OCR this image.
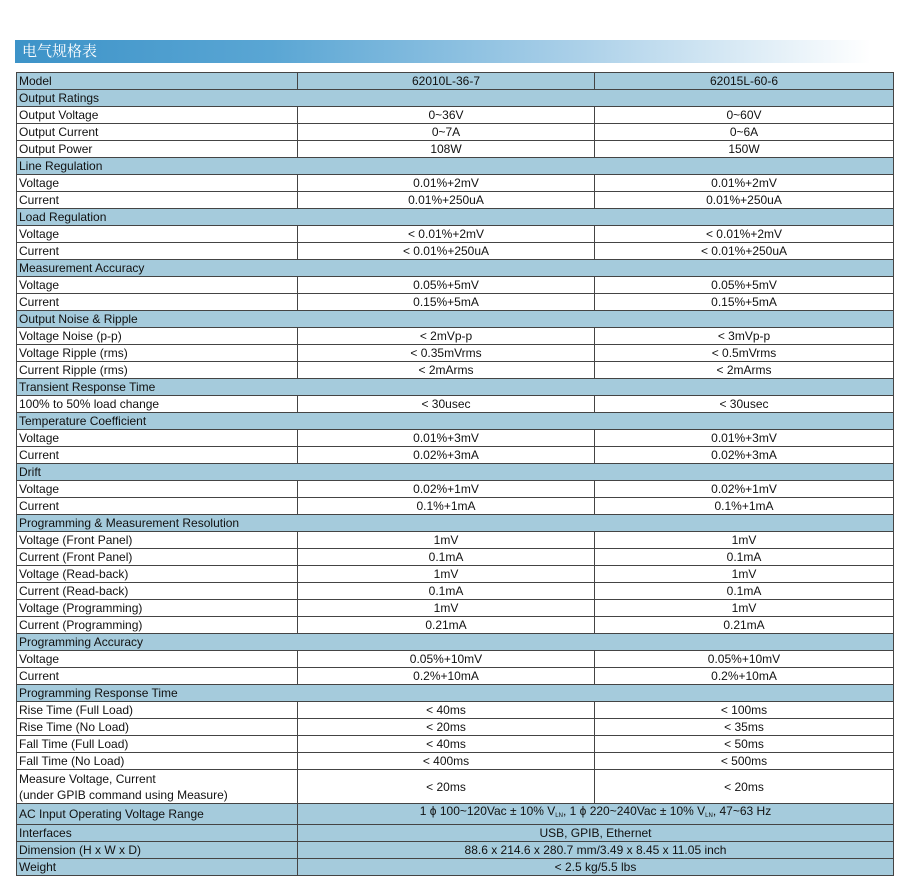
电气规格表
Model	62010L-36-7	62015L-60-6
Output Ratings		
Output Voltage	0~36V	0~60V
Output Current	0~7A	0~6A
Output Power	108W	150W
Line Regulation		
Voltage	0.01%+2mV	0.01%+2mV
Current	0.01%+250uA	0.01%+250uA
Load Regulation		
Voltage	< 0.01%+2mV	< 0.01%+2mV
Current	< 0.01%+250uA	< 0.01%+250uA
Measurement Accuracy		
Voltage	0.05%+5mV	0.05%+5mV
Current	0.15%+5mA	0.15%+5mA
Output Noise & Ripple		
Voltage Noise (p-p)	< 2mVp-p	< 3mVp-p
Voltage Ripple (rms)	< 0.35mVrms	< 0.5mVrms
Current Ripple (rms)	< 2mArms	< 2mArms
Transient Response Time		
100% to 50% load change	< 30usec	< 30usec
Temperature Coefficient		
Voltage	0.01%+3mV	0.01%+3mV
Current	0.02%+3mA	0.02%+3mA
Drift		
Voltage	0.02%+1mV	0.02%+1mV
Current	0.1%+1mA	0.1%+1mA
Programming & Measurement Resolution		
Voltage (Front Panel)	1mV	1mV
Current (Front Panel)	0.1mA	0.1mA
Voltage (Read-back)	1mV	1mV
Current (Read-back)	0.1mA	0.1mA
Voltage (Programming)	1mV	1mV
Current (Programming)	0.21mA	0.21mA
Programming Accuracy		
Voltage	0.05%+10mV	0.05%+10mV
Current	0.2%+10mA	0.2%+10mA
Programming Response Time		
Rise Time (Full Load)	< 40ms	< 100ms
Rise Time (No Load)	< 20ms	< 35ms
Fall Time (Full Load)	< 40ms	< 50ms
Fall Time (No Load)	< 400ms	< 500ms
Measure Voltage, Current
(under GPIB command using Measure)	< 20ms	< 20ms
AC Input Operating Voltage Range	1 ϕ 100~120Vac ± 10% $V_{LN}$, 1 ϕ 220~240Vac ± 10% $V_{LN}$, 47~63 Hz	
Interfaces	USB, GPIB, Ethernet	
Dimension (H x W x D)	88.6 x 214.6 x 280.7 mm/3.49 x 8.45 x 11.05 inch	
Weight	< 2.5 kg/5.5 lbs	
